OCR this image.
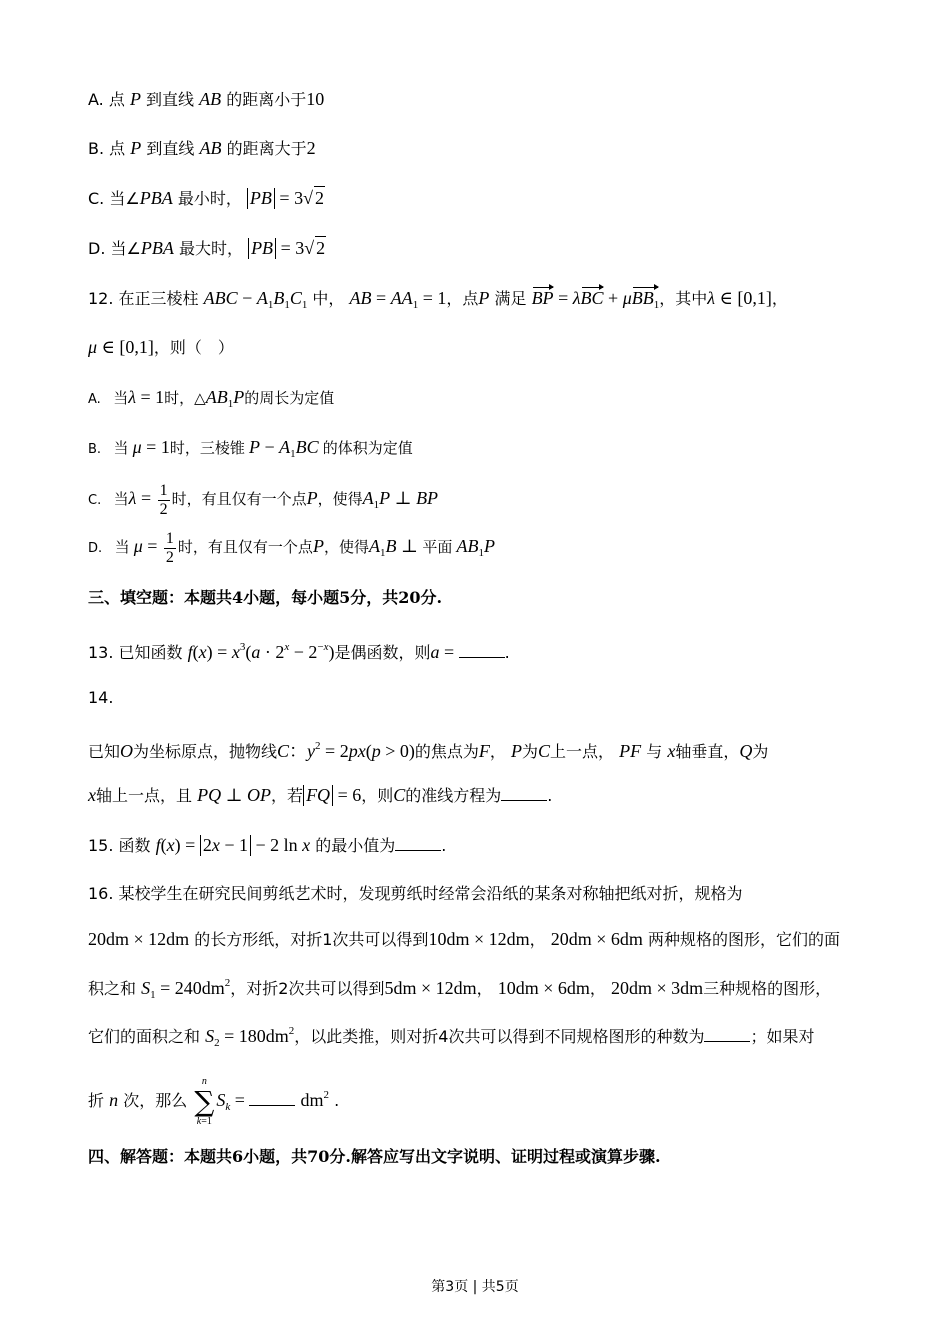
A. 点 P 到直线 AB 的距离小于10
B. 点 P 到直线 AB 的距离大于2
C. 当∠PBA 最小时， PB = 3√ 2
D. 当∠PBA 最大时， PB = 3√ 2
12. 在正三棱柱 ABC − $A_1B_1C_1$ 中， AB = $AA_1 = 1$，点P 满足 BP = λBC + μBB$_1$，其中λ ∈ [0,1]，
μ ∈ [0,1]，则（　）
A. 当λ = 1时，$\triangle AB_1P$的周长为定值
B. 当 μ = 1时，三棱锥 $P - A_1BC$ 的体积为定值
C. 当$\lambda = \frac{1}{2}$ 时，有且仅有一个点P，使得$A_1P$ ⊥ BP
D. 当 $\mu = \frac{1}{2}$ 时，有且仅有一个点P，使得$A_1B$ ⊥ 平面 $AB_1P$
三、填空题：本题共4小题，每小题5分，共20分.
13. 已知函数 $f(x) = x^3(a \cdot 2^x - 2^{-x})$是偶函数，则a =	.
14.
已知O为坐标原点，抛物线C：$y^2 = 2px(p > 0)$的焦点为F， P为C上一点， PF 与 x轴垂直，Q为
x轴上一点，且 PQ ⊥ OP，若 FQ = 6，则C的准线方程为	.
15. 函数 f(x) = 2x − 1 − 2 ln x 的最小值为	.
16. 某校学生在研究民间剪纸艺术时，发现剪纸时经常会沿纸的某条对称轴把纸对折，规格为
20dm × 12dm 的长方形纸，对折1次共可以得到10dm × 12dm， 20dm × 6dm 两种规格的图形，它们的面
积之和 $S_1 = 240dm^2$，对折2次共可以得到5dm × 12dm， 10dm × 6dm， 20dm × 3dm三种规格的图形，
它们的面积之和 $S_2 = 180dm^2$，以此类推，则对折4次共可以得到不同规格图形的种数为	；如果对
折 n 次，那么
n
∑
k=1
$S_k$ =	$dm^2$ .
四、解答题：本题共6小题，共70分.解答应写出文字说明、证明过程或演算步骤.
第3页 | 共5页
